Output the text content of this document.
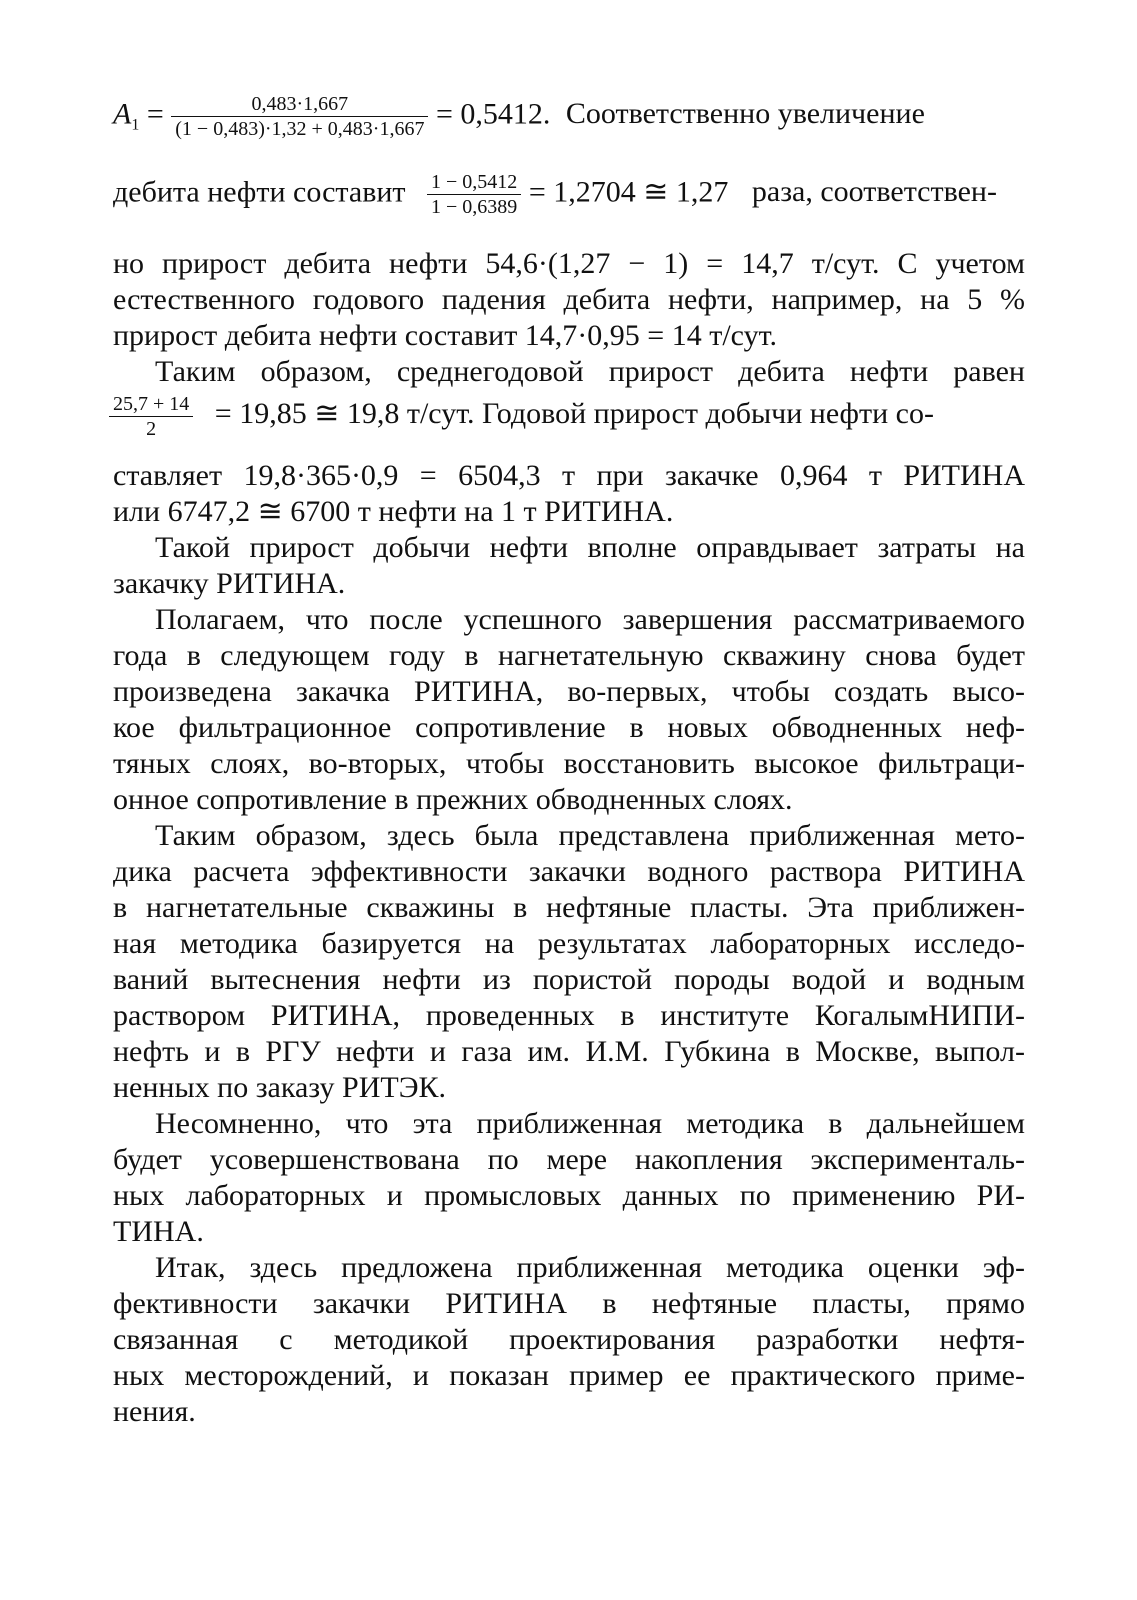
$A_1 = \frac{0,483\cdot 1,667}{(1 - 0,483)\cdot 1,32 + 0,483\cdot 1,667} = 0,5412$. Соответственно увеличение
дебита нефти составит $\frac{1 - 0,5412}{1 - 0,6389} = 1,2704$ ≅ 1,27 раза, соответствен-
но прирост дебита нефти 54,6·(1,27 − 1) = 14,7 т/сут. С учетом
естественного годового падения дебита нефти, например, на 5 %
прирост дебита нефти составит 14,7·0,95 = 14 т/сут.
Таким образом, среднегодовой прирост дебита нефти равен
$\frac{25,7 + 14}{2} = 19,85$ ≅ 19,8 т/сут. Годовой прирост добычи нефти со-
ставляет 19,8·365·0,9 = 6504,3 т при закачке 0,964 т РИТИНА
или 6747,2 ≅ 6700 т нефти на 1 т РИТИНА.
Такой прирост добычи нефти вполне оправдывает затраты на
закачку РИТИНА.
Полагаем, что после успешного завершения рассматриваемого
года в следующем году в нагнетательную скважину снова будет
произведена закачка РИТИНА, во-первых, чтобы создать высо-
кое фильтрационное сопротивление в новых обводненных неф-
тяных слоях, во-вторых, чтобы восстановить высокое фильтраци-
онное сопротивление в прежних обводненных слоях.
Таким образом, здесь была представлена приближенная мето-
дика расчета эффективности закачки водного раствора РИТИНА
в нагнетательные скважины в нефтяные пласты. Эта приближен-
ная методика базируется на результатах лабораторных исследо-
ваний вытеснения нефти из пористой породы водой и водным
раствором РИТИНА, проведенных в институте КогалымНИПИ-
нефть и в РГУ нефти и газа им. И.М. Губкина в Москве, выпол-
ненных по заказу РИТЭК.
Несомненно, что эта приближенная методика в дальнейшем
будет усовершенствована по мере накопления эксперименталь-
ных лабораторных и промысловых данных по применению РИ-
ТИНА.
Итак, здесь предложена приближенная методика оценки эф-
фективности закачки РИТИНА в нефтяные пласты, прямо
связанная с методикой проектирования разработки нефтя-
ных месторождений, и показан пример ее практического приме-
нения.
